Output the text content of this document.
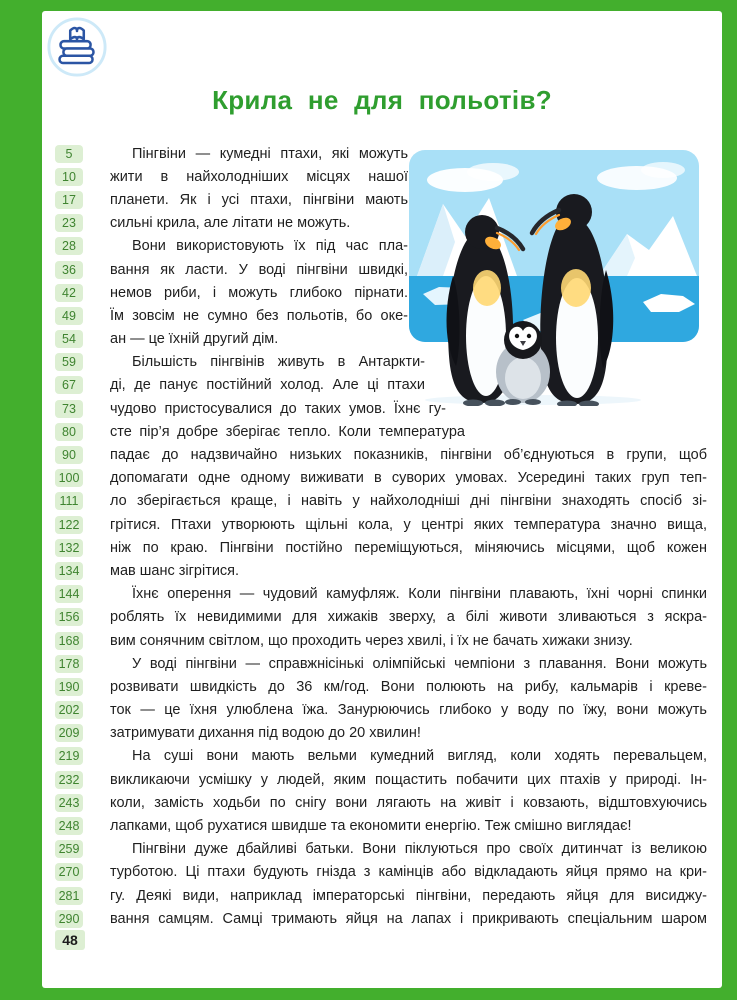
Крила не для польотів?
5	Пінгвіни — кумедні птахи, які можуть
10	жити в найхолодніших місцях нашої
17	планети. Як і усі птахи, пінгвіни мають
23	сильні крила, але літати не можуть.
28	Вони використовують їх під час пла-
36	вання як ласти. У воді пінгвіни швидкі,
42	немов риби, і можуть глибоко пірнати.
49	Їм зовсім не сумно без польотів, бо оке-
54	ан — це їхній другий дім.
59	Більшість пінгвінів живуть в Антаркти-
67	ді, де панує постійний холод. Але ці птахи
73	чудово пристосувалися до таких умов. Їхнє гу-
80	сте пір’я добре зберігає тепло. Коли температура
90	падає до надзвичайно низьких показників, пінгвіни об’єднуються в групи, щоб
100 допомагати одне одному виживати в суворих умовах. Усередині таких груп теп-
111	ло зберігається краще, і навіть у найхолодніші дні пінгвіни знаходять спосіб зі-
122 грітися. Птахи утворюють щільні кола, у центрі яких температура значно вища,
132 ніж по краю. Пінгвіни постійно переміщуються, міняючись місцями, щоб кожен
134 мав шанс зігрітися.
144	Їхнє оперення — чудовий камуфляж. Коли пінгвіни плавають, їхні чорні спинки
156 роблять їх невидимими для хижаків зверху, а білі животи зливаються з яскра-
168 вим сонячним світлом, що проходить через хвилі, і їх не бачать хижаки знизу.
178	У воді пінгвіни — справжнісінькі олімпійські чемпіони з плавання. Вони можуть
190 розвивати швидкість до 36 км/год. Вони полюють на рибу, кальмарів і креве-
202 ток — це їхня улюблена їжа. Занурюючись глибоко у воду по їжу, вони можуть
209 затримувати дихання під водою до 20 хвилин!
219	На суші вони мають вельми кумедний вигляд, коли ходять перевальцем,
232 викликаючи усмішку у людей, яким пощастить побачити цих птахів у природі. Ін-
243 коли, замість ходьби по снігу вони лягають на живіт і ковзають, відштовхуючись
248 лапками, щоб рухатися швидше та економити енергію. Теж смішно виглядає!
259	Пінгвіни дуже дбайливі батьки. Вони піклуються про своїх дитинчат із великою
270 турботою. Ці птахи будують гнізда з камінців або відкладають яйця прямо на кри-
281 гу. Деякі види, наприклад імператорські пінгвіни, передають яйця для висиджу-
290 вання самцям. Самці тримають яйця на лапах і прикривають спеціальним шаром
48
